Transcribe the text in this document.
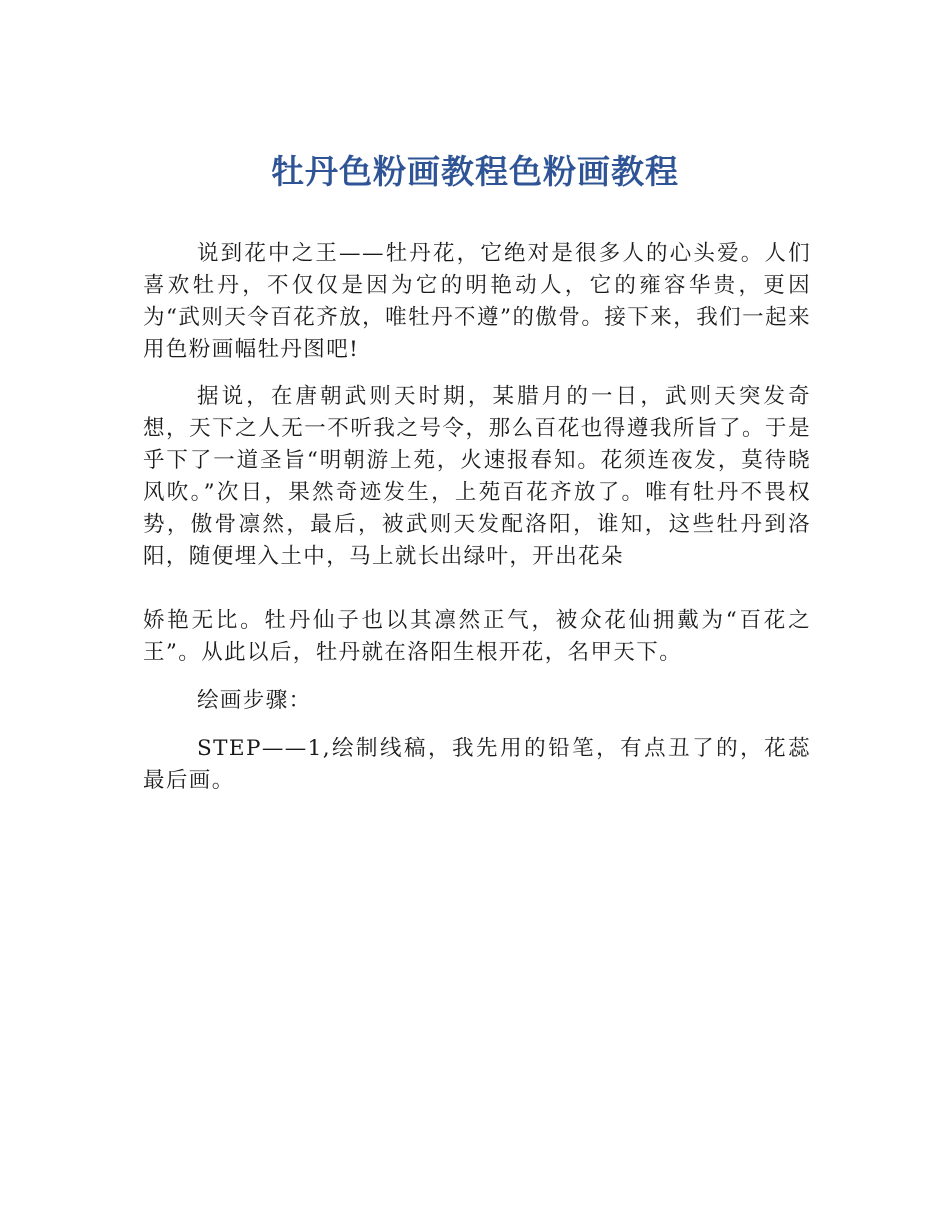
牡丹色粉画教程色粉画教程

说到花中之王——牡丹花，它绝对是很多人的心头爱。人们喜欢牡丹，不仅仅是因为它的明艳动人，它的雍容华贵，更因为“武则天令百花齐放，唯牡丹不遵”的傲骨。接下来，我们一起来用色粉画幅牡丹图吧!

据说，在唐朝武则天时期，某腊月的一日，武则天突发奇想，天下之人无一不听我之号令，那么百花也得遵我所旨了。于是乎下了一道圣旨“明朝游上苑，火速报春知。花须连夜发，莫待晓风吹。”次日，果然奇迹发生，上苑百花齐放了。唯有牡丹不畏权势，傲骨凛然，最后，被武则天发配洛阳，谁知，这些牡丹到洛阳，随便埋入土中，马上就长出绿叶，开出花朵

娇艳无比。牡丹仙子也以其凛然正气，被众花仙拥戴为“百花之王”。从此以后，牡丹就在洛阳生根开花，名甲天下。

绘画步骤：

STEP——1,绘制线稿，我先用的铅笔，有点丑了的，花蕊最后画。
